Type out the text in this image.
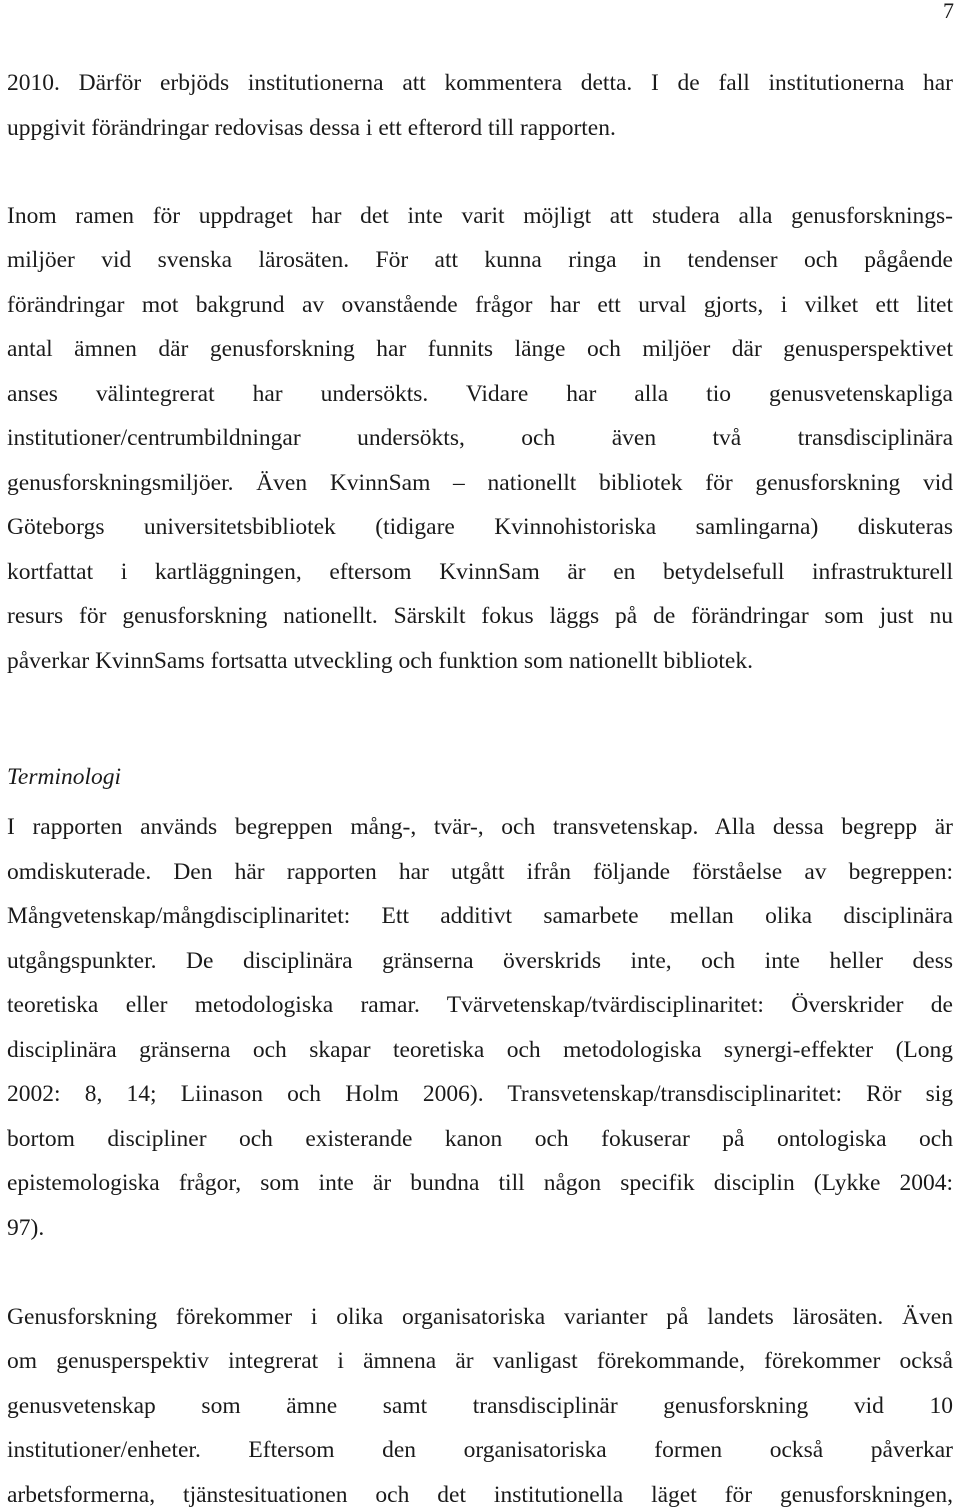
7
2010. Därför erbjöds institutionerna att kommentera detta. I de fall institutionerna har
uppgivit förändringar redovisas dessa i ett efterord till rapporten.
Inom ramen för uppdraget har det inte varit möjligt att studera alla genusforsknings-
miljöer vid svenska lärosäten. För att kunna ringa in tendenser och pågående
förändringar mot bakgrund av ovanstående frågor har ett urval gjorts, i vilket ett litet
antal ämnen där genusforskning har funnits länge och miljöer där genusperspektivet
anses välintegrerat har undersökts. Vidare har alla tio genusvetenskapliga
institutioner/centrumbildningar undersökts, och även två transdisciplinära
genusforskningsmiljöer. Även KvinnSam – nationellt bibliotek för genusforskning vid
Göteborgs universitetsbibliotek (tidigare Kvinnohistoriska samlingarna) diskuteras
kortfattat i kartläggningen, eftersom KvinnSam är en betydelsefull infrastrukturell
resurs för genusforskning nationellt. Särskilt fokus läggs på de förändringar som just nu
påverkar KvinnSams fortsatta utveckling och funktion som nationellt bibliotek.
Terminologi
I rapporten används begreppen mång-, tvär-, och transvetenskap. Alla dessa begrepp är
omdiskuterade. Den här rapporten har utgått ifrån följande förståelse av begreppen:
Mångvetenskap/mångdisciplinaritet: Ett additivt samarbete mellan olika disciplinära
utgångspunkter. De disciplinära gränserna överskrids inte, och inte heller dess
teoretiska eller metodologiska ramar. Tvärvetenskap/tvärdisciplinaritet: Överskrider de
disciplinära gränserna och skapar teoretiska och metodologiska synergi-effekter (Long
2002: 8, 14; Liinason och Holm 2006). Transvetenskap/transdisciplinaritet: Rör sig
bortom discipliner och existerande kanon och fokuserar på ontologiska och
epistemologiska frågor, som inte är bundna till någon specifik disciplin (Lykke 2004:
97).
Genusforskning förekommer i olika organisatoriska varianter på landets lärosäten. Även
om genusperspektiv integrerat i ämnena är vanligast förekommande, förekommer också
genusvetenskap som ämne samt transdisciplinär genusforskning vid 10
institutioner/enheter. Eftersom den organisatoriska formen också påverkar
arbetsformerna, tjänstesituationen och det institutionella läget för genusforskningen,
